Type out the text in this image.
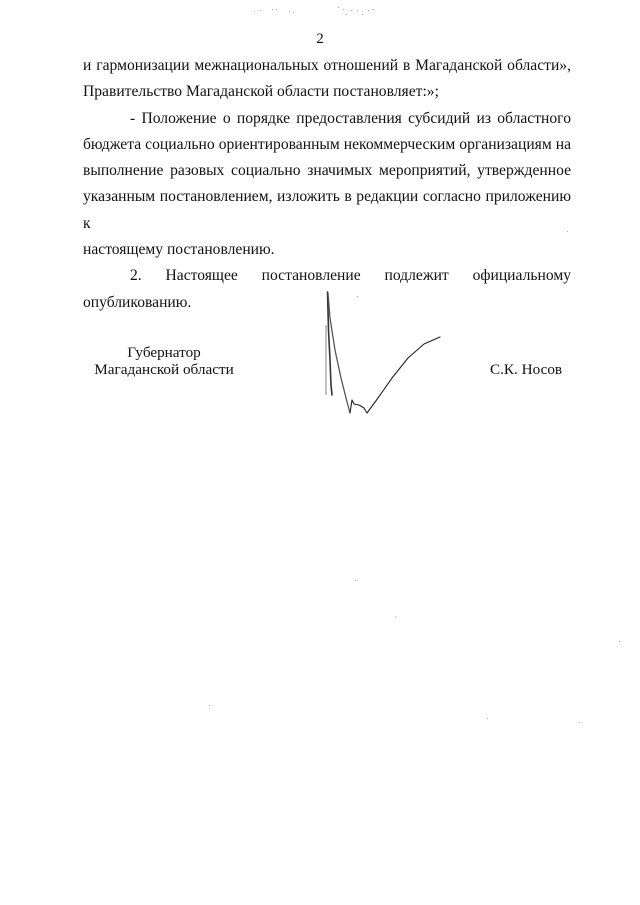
2

и гармонизации межнациональных отношений в Магаданской области»,
Правительство Магаданской области постановляет:»;

- Положение о порядке предоставления субсидий из областного
бюджета социально ориентированным некоммерческим организациям на
выполнение разовых социально значимых мероприятий, утвержденное
указанным постановлением, изложить в редакции согласно приложению к
настоящему постановлению.

2. Настоящее постановление подлежит официальному
опубликованию.

Губернатор
Магаданской области	С.К. Носов
